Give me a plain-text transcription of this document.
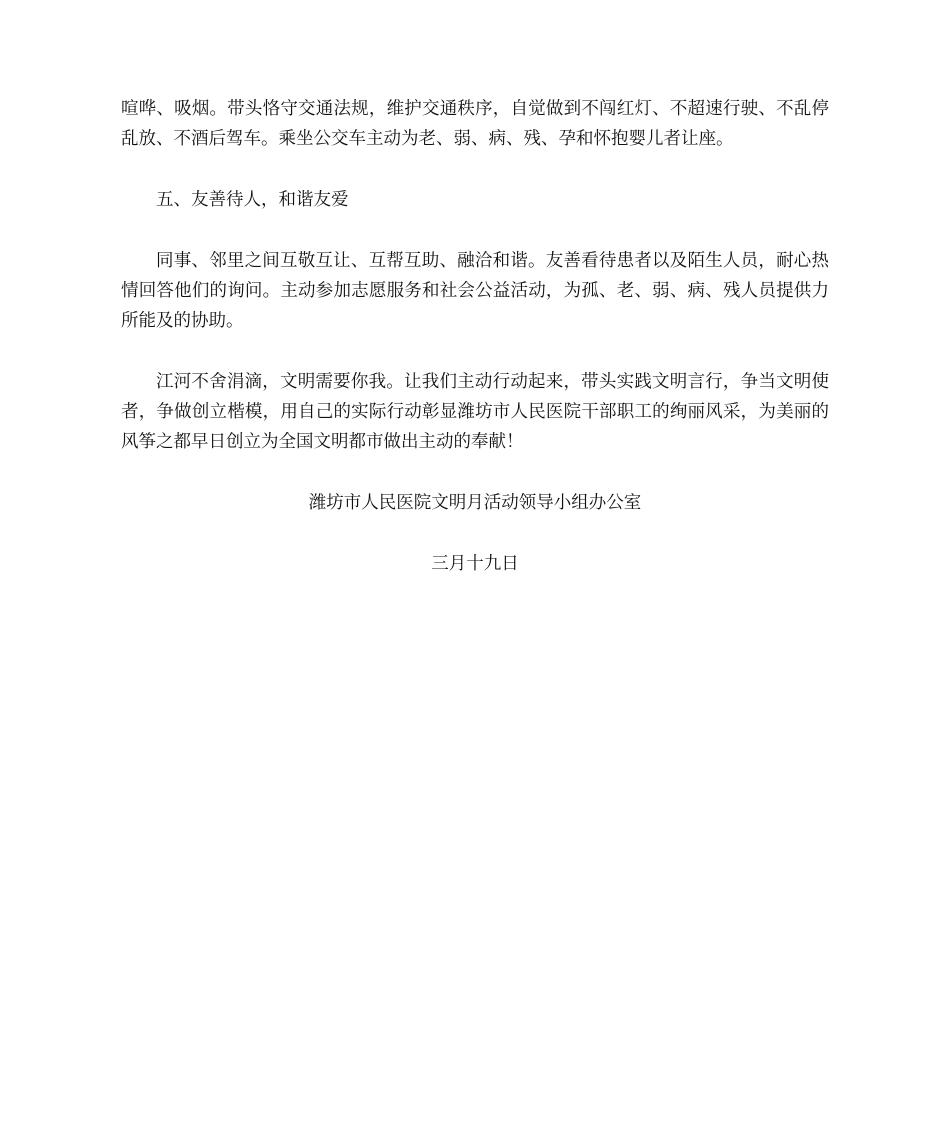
喧哗、吸烟。带头恪守交通法规，维护交通秩序，自觉做到不闯红灯、不超速行驶、不乱停乱放、不酒后驾车。乘坐公交车主动为老、弱、病、残、孕和怀抱婴儿者让座。

五、友善待人，和谐友爱

同事、邻里之间互敬互让、互帮互助、融洽和谐。友善看待患者以及陌生人员，耐心热情回答他们的询问。主动参加志愿服务和社会公益活动，为孤、老、弱、病、残人员提供力所能及的协助。

江河不舍涓滴，文明需要你我。让我们主动行动起来，带头实践文明言行，争当文明使者，争做创立楷模，用自己的实际行动彰显潍坊市人民医院干部职工的绚丽风采，为美丽的风筝之都早日创立为全国文明都市做出主动的奉献！

潍坊市人民医院文明月活动领导小组办公室

三月十九日
